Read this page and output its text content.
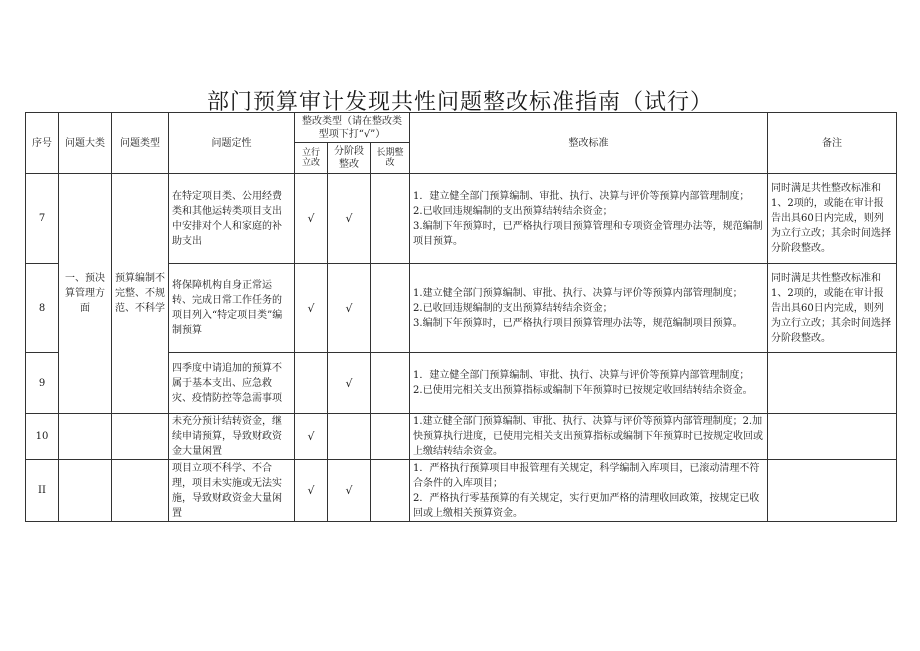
部门预算审计发现共性问题整改标准指南（试行）
序号	问题大类	问题类型	问题定性	整改类型（请在整改类型项下打“√”）			整改标准	备注
				立行立改	分阶段整改	长期整改		
7	一、预决算管理方面	预算编制不完整、不规范、不科学	在特定项目类、公用经费类和其他运转类项目支出中安排对个人和家庭的补助支出	√	√		1．建立健全部门预算编制、审批、执行、决算与评价等预算内部管理制度；

2.已收回违规编制的支出预算结转结余资金；

3.编制下年预算时，已严格执行项目预算管理和专项资金管理办法等，规范编制项目预算。	同时满足共性整改标准和1、2项的，或能在审计报告出具60日内完成，则列为立行立改；其余时间选择分阶段整改。
8			将保障机构自身正常运转、完成日常工作任务的项目列入“特定项目类”编制预算	√	√		1.建立健全部门预算编制、审批、执行、决算与评价等预算内部管理制度；

2.已收回违规编制的支出预算结转结余资金；

3.编制下年预算时，已严格执行项目预算管理办法等，规范编制项目预算。	同时满足共性整改标准和1、2项的，或能在审计报告出具60日内完成，则列为立行立改；其余时间选择分阶段整改。
9			四季度中请追加的预算不属于基本支出、应急救灾、疫情防控等急需事项		√		1．建立健全部门预算编制、审批、执行、决算与评价等预算内部管理制度；

2.已使用完相关支出预算指标或编制下年预算时已按规定收回结转结余资金。	

10			未充分预计结转资金，继续申请预算，导致财政资金大量闲置	√			1.建立健全部门预算编制、审批、执行、决算与评价等预算内部管理制度；2.加快预算执行进度，已使用完相关支出预算指标或编制下年预算时已按规定收回或上缴结转结余资金。	

II			项目立项不科学、不合理，项目未实施或无法实施，导致财政资金大量闲置	√	√		1．严格执行预算项目申报管理有关规定，科学编制入库项目，已滚动清理不符合条件的入库项目；

2．严格执行零基预算的有关规定，实行更加严格的清理收回政策，按规定已收回或上缴相关预算资金。	
